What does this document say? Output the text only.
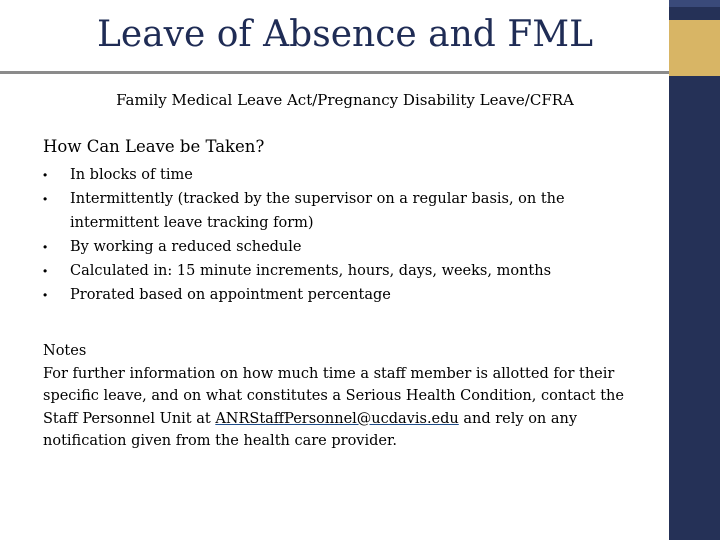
Leave of Absence and FML

Family Medical Leave Act/Pregnancy Disability Leave/CFRA

How Can Leave be Taken?

• In blocks of time
• Intermittently (tracked by the supervisor on a regular basis, on the intermittent leave tracking form)
• By working a reduced schedule
• Calculated in: 15 minute increments, hours, days, weeks, months
• Prorated based on appointment percentage

Notes

For further information on how much time a staff member is allotted for their specific leave, and on what constitutes a Serious Health Condition, contact the Staff Personnel Unit at ANRStaffPersonnel@ucdavis.edu and rely on any notification given from the health care provider.
